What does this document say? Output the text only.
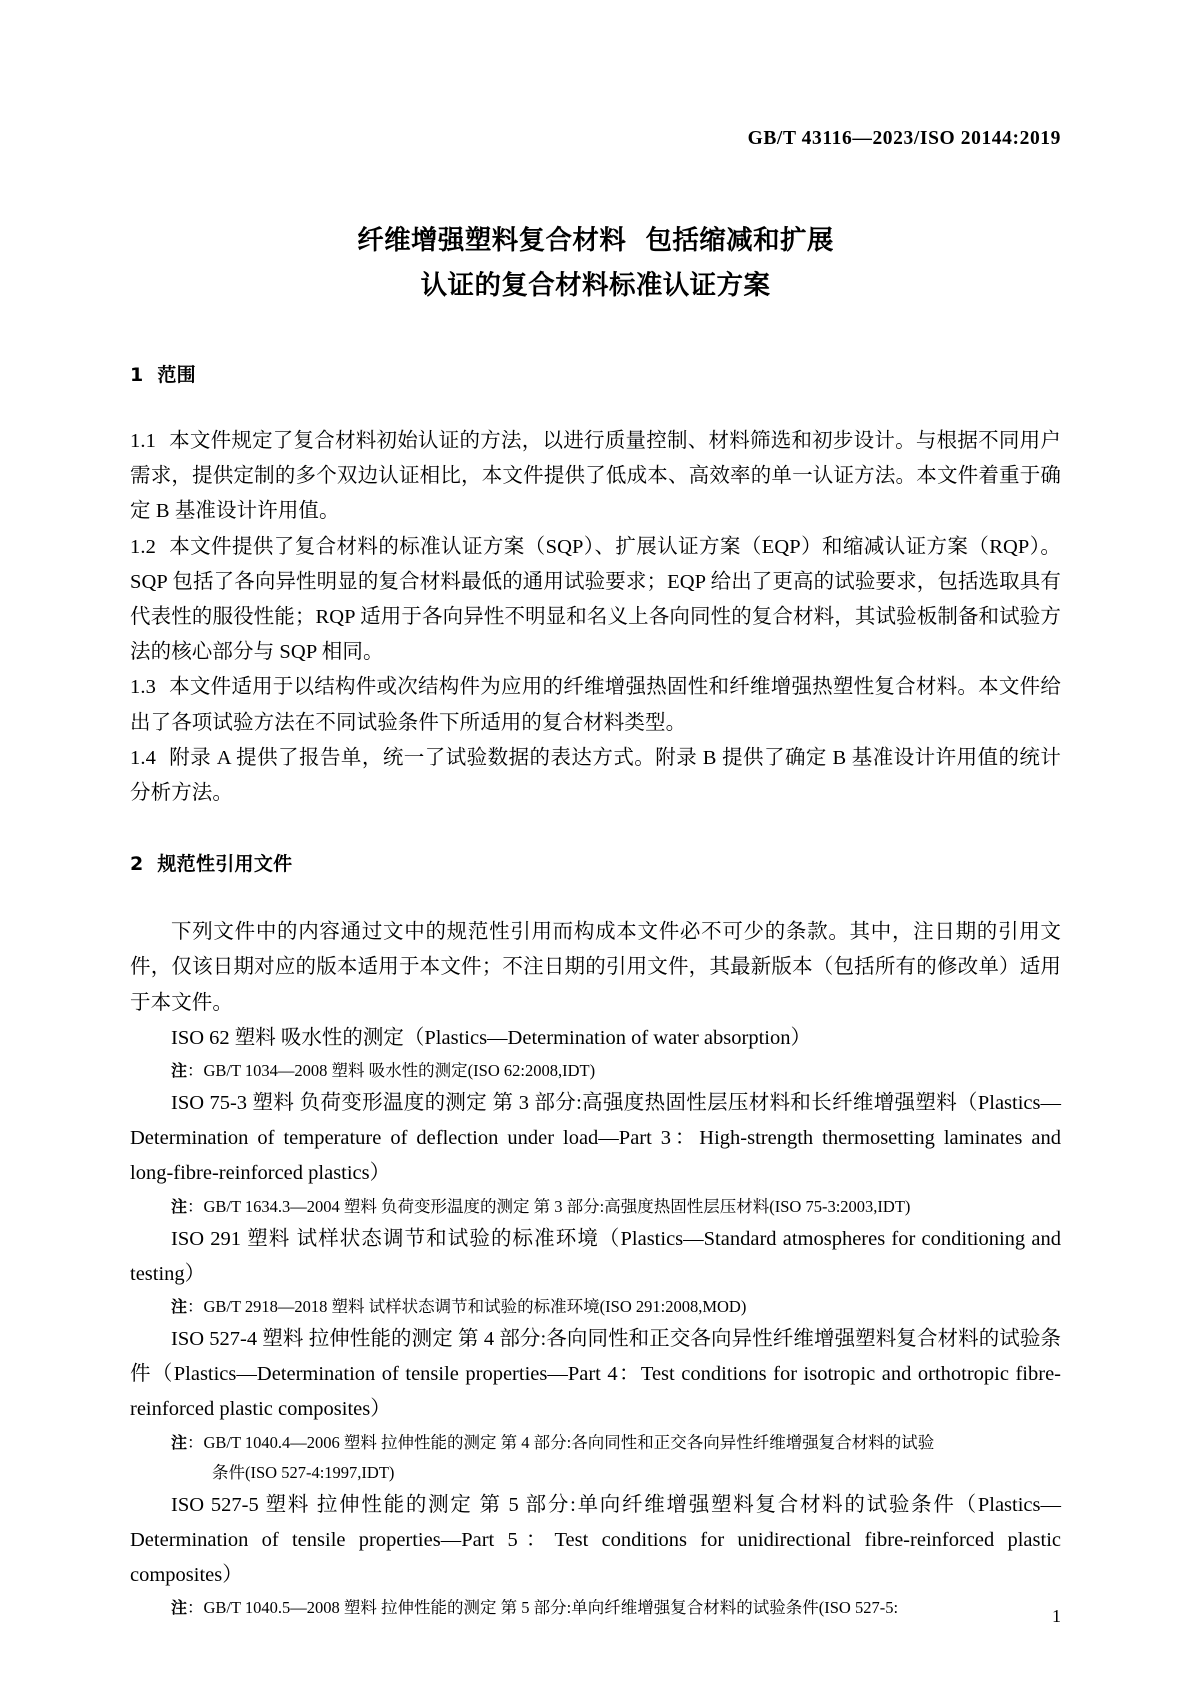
GB/T 43116—2023/ISO 20144:2019
纤维增强塑料复合材料  包括缩减和扩展
认证的复合材料标准认证方案
1  范围

1.1 本文件规定了复合材料初始认证的方法，以进行质量控制、材料筛选和初步设计。与根据不同用户需求，提供定制的多个双边认证相比，本文件提供了低成本、高效率的单一认证方法。本文件着重于确定 B 基准设计许用值。

1.2 本文件提供了复合材料的标准认证方案（SQP）、扩展认证方案（EQP）和缩减认证方案（RQP）。SQP 包括了各向异性明显的复合材料最低的通用试验要求；EQP 给出了更高的试验要求，包括选取具有代表性的服役性能；RQP 适用于各向异性不明显和名义上各向同性的复合材料，其试验板制备和试验方法的核心部分与 SQP 相同。

1.3 本文件适用于以结构件或次结构件为应用的纤维增强热固性和纤维增强热塑性复合材料。本文件给出了各项试验方法在不同试验条件下所适用的复合材料类型。

1.4 附录 A 提供了报告单，统一了试验数据的表达方式。附录 B 提供了确定 B 基准设计许用值的统计分析方法。

2  规范性引用文件

下列文件中的内容通过文中的规范性引用而构成本文件必不可少的条款。其中，注日期的引用文件，仅该日期对应的版本适用于本文件；不注日期的引用文件，其最新版本（包括所有的修改单）适用于本文件。

ISO 62 塑料 吸水性的测定（Plastics—Determination of water absorption）

注：GB/T 1034—2008 塑料 吸水性的测定(ISO 62:2008,IDT)

ISO 75-3 塑料 负荷变形温度的测定 第 3 部分:高强度热固性层压材料和长纤维增强塑料（Plastics—Determination of temperature of deflection under load—Part 3：High-strength thermosetting laminates and long-fibre-reinforced plastics）

注：GB/T 1634.3—2004 塑料 负荷变形温度的测定 第 3 部分:高强度热固性层压材料(ISO 75-3:2003,IDT)

ISO 291 塑料 试样状态调节和试验的标准环境（Plastics—Standard atmospheres for conditioning and testing）

注：GB/T 2918—2018 塑料 试样状态调节和试验的标准环境(ISO 291:2008,MOD)

ISO 527-4 塑料 拉伸性能的测定 第 4 部分:各向同性和正交各向异性纤维增强塑料复合材料的试验条件（Plastics—Determination of tensile properties—Part 4：Test conditions for isotropic and orthotropic fibre-reinforced plastic composites）

注：GB/T 1040.4—2006 塑料 拉伸性能的测定 第 4 部分:各向同性和正交各向异性纤维增强复合材料的试验

条件(ISO 527-4:1997,IDT)

ISO 527-5 塑料 拉伸性能的测定 第 5 部分:单向纤维增强塑料复合材料的试验条件（Plastics—Determination of tensile properties—Part 5：Test conditions for unidirectional fibre-reinforced plastic composites）

注：GB/T 1040.5—2008 塑料 拉伸性能的测定 第 5 部分:单向纤维增强复合材料的试验条件(ISO 527-5:	1
